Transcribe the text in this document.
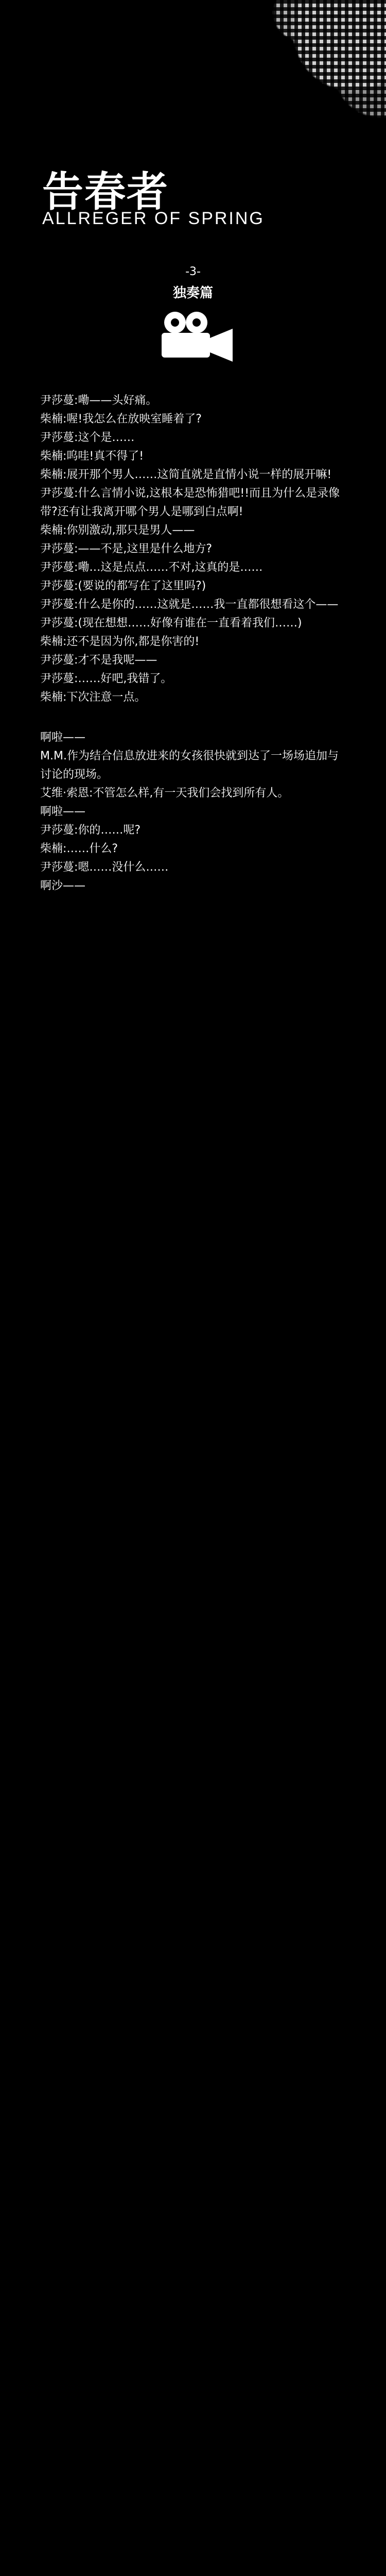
告春者
ALLREGER OF SPRING
-3-
独奏篇

尹莎蔓:嘞——头好痛。

柴楠:喔!我怎么在放映室睡着了?

尹莎蔓:这个是……

柴楠:呜哇!真不得了!

柴楠:展开那个男人……这简直就是直情小说一样的展开嘛!

尹莎蔓:什么言情小说,这根本是恐怖猎吧!!而且为什么是录像带?还有让我离开哪个男人是哪到白点啊!

柴楠:你别激动,那只是男人——

尹莎蔓:——不是,这里是什么地方?

尹莎蔓:嘞…这是点点……不对,这真的是……

尹莎蔓:(要说的都写在了这里吗?)

尹莎蔓:什么是你的……这就是……我一直都很想看这个——

尹莎蔓:(现在想想……好像有谁在一直看着我们……)

柴楠:还不是因为你,都是你害的!

尹莎蔓:才不是我呢——

尹莎蔓:……好吧,我错了。

柴楠:下次注意一点。

啊啦——

M.M.作为结合信息放进来的女孩很快就到达了一场场追加与讨论的现场。

艾维·索恩:不管怎么样,有一天我们会找到所有人。

啊啦——

尹莎蔓:你的……呢?

柴楠:……什么?

尹莎蔓:嗯……没什么……

啊沙——
